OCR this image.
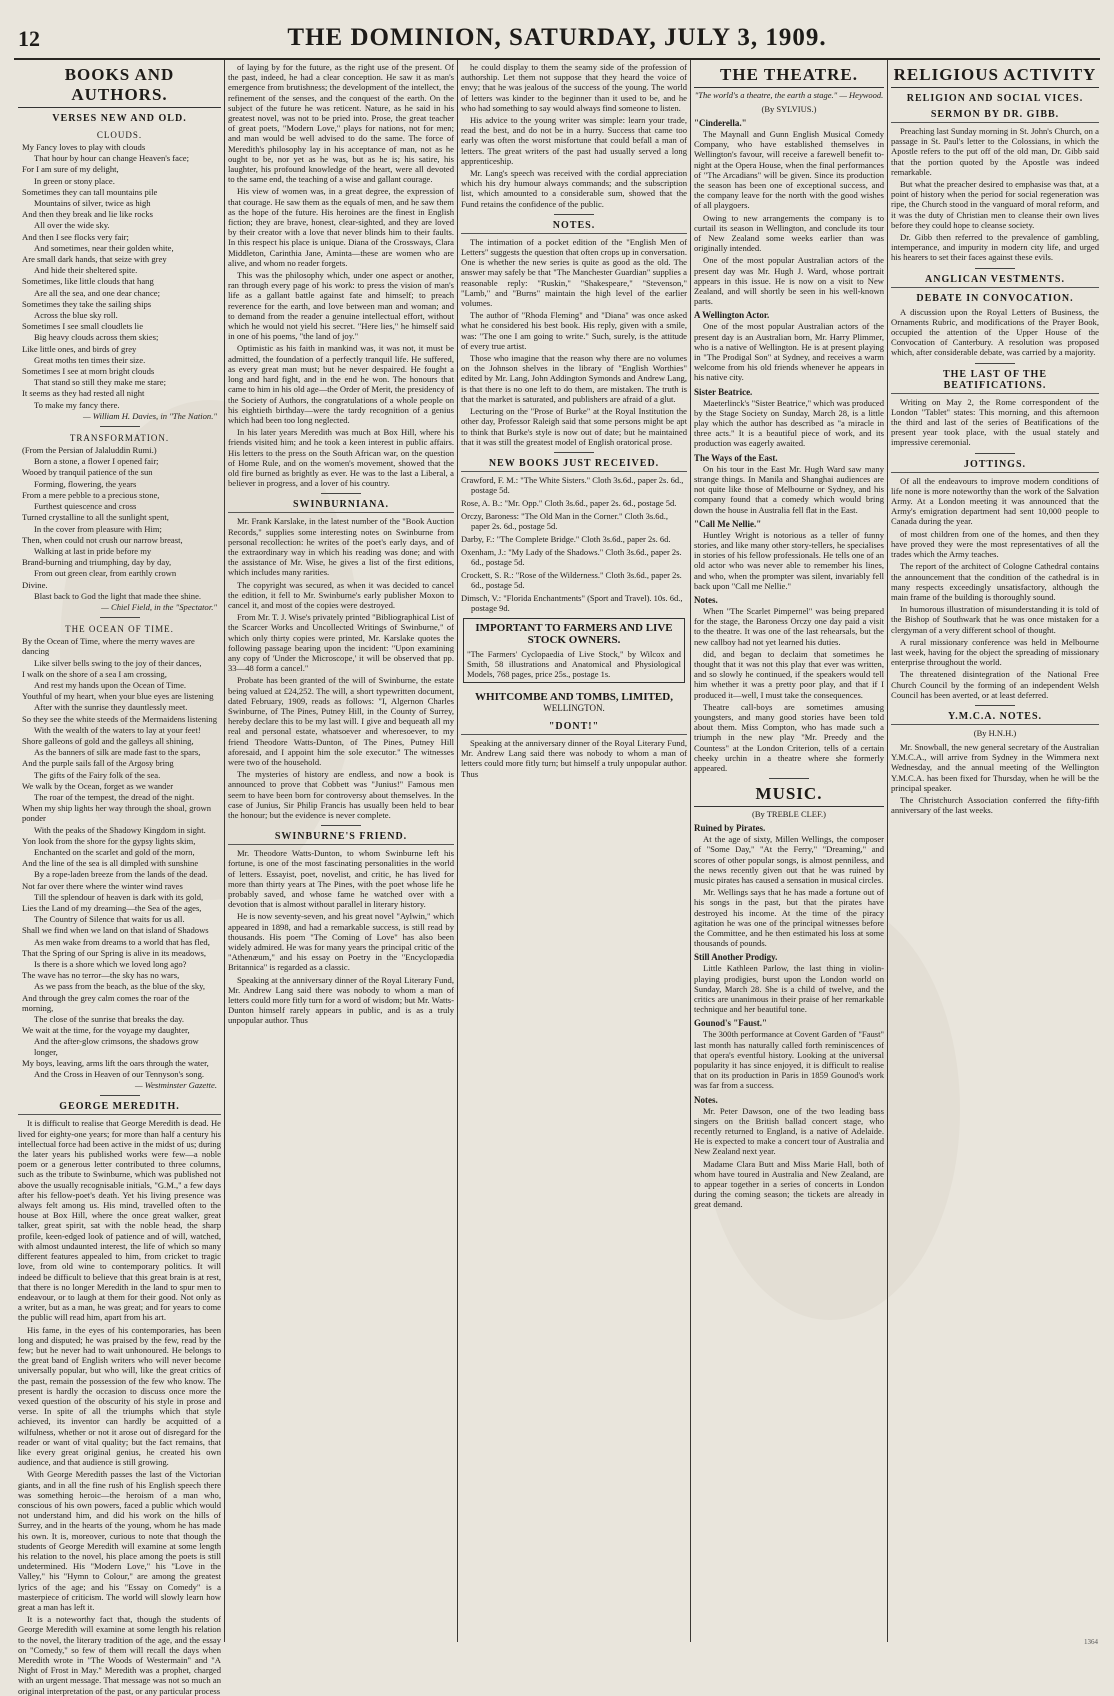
12	THE DOMINION, SATURDAY, JULY 3, 1909.
BOOKS AND AUTHORS.
VERSES NEW AND OLD.
CLOUDS.
My Fancy loves to play with clouds
That hour by hour can change Heaven's face;
For I am sure of my delight,
In green or stony place.
Sometimes they can tall mountains pile
Mountains of silver, twice as high
And then they break and lie like rocks
All over the wide sky.
And then I see flocks very fair;
And sometimes, near their golden white,
Are small dark hands, that seize with grey
And hide their sheltered spite.
Sometimes, like little clouds that hang
Are all the sea, and one dear chance;
Sometimes they take the sailing ships
Across the blue sky roll.
Sometimes I see small cloudlets lie
Big heavy clouds across them skies;
Like little ones, and birds of grey
Great moths ten times their size.
Sometimes I see at morn bright clouds
That stand so still they make me stare;
It seems as they had rested all night
To make my fancy there.
— William H. Davies, in "The Nation."
TRANSFORMATION.
(From the Persian of Jalaluddin Rumi.)
Born a stone, a flower I opened fair;
Wooed by tranquil patience of the sun
Forming, flowering, the years
From a mere pebble to a precious stone,
Furthest quiescence and cross
Turned crystalline to all the sunlight spent,
In the cover from pleasure with Him;
Then, when could not crush our narrow breast,
Walking at last in pride before my
Brand-burning and triumphing, day by day,
From out green clear, from earthly crown
Divine.
Blast back to God the light that made thee shine.
— Chiel Field, in the "Spectator."
THE OCEAN OF TIME.
By the Ocean of Time, where the merry waves are dancing
Like silver bells swing to the joy of their dances,
I walk on the shore of a sea I am crossing,
And rest my hands upon the Ocean of Time.
Youthful of my heart, when your blue eyes are listening
After with the sunrise they dauntlessly meet.
So they see the white steeds of the Mermaidens listening
With the wealth of the waters to lay at your feet!
Shore galleons of gold and the galleys all shining,
As the banners of silk are made fast to the spars,
And the purple sails fall of the Argosy bring
The gifts of the Fairy folk of the sea.
We walk by the Ocean, forget as we wander
The roar of the tempest, the dread of the night.
When my ship lights her way through the shoal, grown ponder
With the peaks of the Shadowy Kingdom in sight.
Yon look from the shore for the gypsy lights skim,
Enchanted on the scarlet and gold of the morn,
And the line of the sea is all dimpled with sunshine
By a rope-laden breeze from the lands of the dead.
Not far over there where the winter wind raves
Till the splendour of heaven is dark with its gold,
Lies the Land of my dreaming—the Sea of the ages,
The Country of Silence that waits for us all.
Shall we find when we land on that island of Shadows
As men wake from dreams to a world that has fled,
That the Spring of our Spring is alive in its meadows,
Is there is a shore which we loved long ago?
The wave has no terror—the sky has no wars,
As we pass from the beach, as the blue of the sky,
And through the grey calm comes the roar of the morning,
The close of the sunrise that breaks the day.
We wait at the time, for the voyage my daughter,
And the after-glow crimsons, the shadows grow longer,
My boys, leaving, arms lift the oars through the water,
And the Cross in Heaven of our Tennyson's song.
— Westminster Gazette.
GEORGE MEREDITH.

It is difficult to realise that George Meredith is dead. He lived for eighty-one years; for more than half a century his intellectual force had been active in the midst of us; during the later years his published works were few—a noble poem or a generous letter contributed to three columns, such as the tribute to Swinburne, which was published not above the usually recognisable initials, "G.M.," a few days after his fellow-poet's death. Yet his living presence was always felt among us. His mind, travelled often to the house at Box Hill, where the once great walker, great talker, great spirit, sat with the noble head, the sharp profile, keen-edged look of patience and of will, watched, with almost undaunted interest, the life of which so many different features appealed to him, from cricket to tragic love, from old wine to contemporary politics. It will indeed be difficult to believe that this great brain is at rest, that there is no longer Meredith in the land to spur men to endeavour, or to laugh at them for their good. Not only as a writer, but as a man, he was great; and for years to come the public will read him, apart from his art.

His fame, in the eyes of his contemporaries, has been long and disputed; he was praised by the few, read by the few; but he never had to wait unhonoured. He belongs to the great band of English writers who will never become universally popular, but who will, like the great critics of the past, remain the possession of the few who know. The present is hardly the occasion to discuss once more the vexed question of the obscurity of his style in prose and verse. In spite of all the triumphs which that style achieved, its inventor can hardly be acquitted of a wilfulness, whether or not it arose out of disregard for the reader or want of vital quality; but the fact remains, that like every great original genius, he created his own audience, and that audience is still growing.

With George Meredith passes the last of the Victorian giants, and in all the fine rush of his English speech there was something heroic—the heroism of a man who, conscious of his own powers, faced a public which would not understand him, and did his work on the hills of Surrey, and in the hearts of the young, whom he has made his own. It is, moreover, curious to note that though the students of George Meredith will examine at some length his relation to the novel, his place among the poets is still undetermined. His "Modern Love," his "Love in the Valley," his "Hymn to Colour," are among the greatest lyrics of the age; and his "Essay on Comedy" is a masterpiece of criticism. The world will slowly learn how great a man has left it.

It is a noteworthy fact that, though the students of George Meredith will examine at some length his relation to the novel, the literary tradition of the age, and the essay on "Comedy," so few of them will recall the days when Meredith wrote in "The Woods of Westermain" and "A Night of Frost in May." Meredith was a prophet, charged with an urgent message. That message was not so much an original interpretation of the past, or any particular process

of laying by for the future, as the right use of the present. Of the past, indeed, he had a clear conception. He saw it as man's emergence from brutishness; the development of the intellect, the refinement of the senses, and the conquest of the earth. On the subject of the future he was reticent. Nature, as he said in his greatest novel, was not to be pried into. Prose, the great teacher of great poets, "Modern Love," plays for nations, not for men; and man would be well advised to do the same. The force of Meredith's philosophy lay in his acceptance of man, not as he ought to be, nor yet as he was, but as he is; his satire, his laughter, his profound knowledge of the heart, were all devoted to the same end, the teaching of a wise and gallant courage.

His view of women was, in a great degree, the expression of that courage. He saw them as the equals of men, and he saw them as the hope of the future. His heroines are the finest in English fiction; they are brave, honest, clear-sighted, and they are loved by their creator with a love that never blinds him to their faults. In this respect his place is unique. Diana of the Crossways, Clara Middleton, Carinthia Jane, Aminta—these are women who are alive, and whom no reader forgets.

This was the philosophy which, under one aspect or another, ran through every page of his work: to press the vision of man's life as a gallant battle against fate and himself; to preach reverence for the earth, and love between man and woman; and to demand from the reader a genuine intellectual effort, without which he would not yield his secret. "Here lies," he himself said in one of his poems, "the land of joy."

Optimistic as his faith in mankind was, it was not, it must be admitted, the foundation of a perfectly tranquil life. He suffered, as every great man must; but he never despaired. He fought a long and hard fight, and in the end he won. The honours that came to him in his old age—the Order of Merit, the presidency of the Society of Authors, the congratulations of a whole people on his eightieth birthday—were the tardy recognition of a genius which had been too long neglected.

In his later years Meredith was much at Box Hill, where his friends visited him; and he took a keen interest in public affairs. His letters to the press on the South African war, on the question of Home Rule, and on the women's movement, showed that the old fire burned as brightly as ever. He was to the last a Liberal, a believer in progress, and a lover of his country.

SWINBURNIANA.

Mr. Frank Karslake, in the latest number of the "Book Auction Records," supplies some interesting notes on Swinburne from personal recollection: he writes of the poet's early days, and of the extraordinary way in which his reading was done; and with the assistance of Mr. Wise, he gives a list of the first editions, which includes many rarities.

The copyright was secured, as when it was decided to cancel the edition, it fell to Mr. Swinburne's early publisher Moxon to cancel it, and most of the copies were destroyed.

From Mr. T. J. Wise's privately printed "Bibliographical List of the Scarcer Works and Uncollected Writings of Swinburne," of which only thirty copies were printed, Mr. Karslake quotes the following passage bearing upon the incident: "Upon examining any copy of 'Under the Microscope,' it will be observed that pp. 33—48 form a cancel."

Probate has been granted of the will of Swinburne, the estate being valued at £24,252. The will, a short typewritten document, dated February, 1909, reads as follows: "I, Algernon Charles Swinburne, of The Pines, Putney Hill, in the County of Surrey, hereby declare this to be my last will. I give and bequeath all my real and personal estate, whatsoever and wheresoever, to my friend Theodore Watts-Dunton, of The Pines, Putney Hill aforesaid, and I appoint him the sole executor." The witnesses were two of the household.

The mysteries of history are endless, and now a book is announced to prove that Cobbett was "Junius!" Famous men seem to have been born for controversy about themselves. In the case of Junius, Sir Philip Francis has usually been held to bear the honour; but the evidence is never complete.

SWINBURNE'S FRIEND.

Mr. Theodore Watts-Dunton, to whom Swinburne left his fortune, is one of the most fascinating personalities in the world of letters. Essayist, poet, novelist, and critic, he has lived for more than thirty years at The Pines, with the poet whose life he probably saved, and whose fame he watched over with a devotion that is almost without parallel in literary history.

He is now seventy-seven, and his great novel "Aylwin," which appeared in 1898, and had a remarkable success, is still read by thousands. His poem "The Coming of Love" has also been widely admired. He was for many years the principal critic of the "Athenæum," and his essay on Poetry in the "Encyclopædia Britannica" is regarded as a classic.

Speaking at the anniversary dinner of the Royal Literary Fund, Mr. Andrew Lang said there was nobody to whom a man of letters could more fitly turn for a word of wisdom; but Mr. Watts-Dunton himself rarely appears in public, and is as a truly unpopular author. Thus

he could display to them the seamy side of the profession of authorship. Let them not suppose that they heard the voice of envy; that he was jealous of the success of the young. The world of letters was kinder to the beginner than it used to be, and he who had something to say would always find someone to listen.

His advice to the young writer was simple: learn your trade, read the best, and do not be in a hurry. Success that came too early was often the worst misfortune that could befall a man of letters. The great writers of the past had usually served a long apprenticeship.

Mr. Lang's speech was received with the cordial appreciation which his dry humour always commands; and the subscription list, which amounted to a considerable sum, showed that the Fund retains the confidence of the public.

NOTES.

The intimation of a pocket edition of the "English Men of Letters" suggests the question that often crops up in conversation. One is whether the new series is quite as good as the old. The answer may safely be that "The Manchester Guardian" supplies a reasonable reply: "Ruskin," "Shakespeare," "Stevenson," "Lamb," and "Burns" maintain the high level of the earlier volumes.

The author of "Rhoda Fleming" and "Diana" was once asked what he considered his best book. His reply, given with a smile, was: "The one I am going to write." Such, surely, is the attitude of every true artist.

Those who imagine that the reason why there are no volumes on the Johnson shelves in the library of "English Worthies" edited by Mr. Lang, John Addington Symonds and Andrew Lang, is that there is no one left to do them, are mistaken. The truth is that the market is saturated, and publishers are afraid of a glut.

Lecturing on the "Prose of Burke" at the Royal Institution the other day, Professor Raleigh said that some persons might be apt to think that Burke's style is now out of date; but he maintained that it was still the greatest model of English oratorical prose.

NEW BOOKS JUST RECEIVED.
Crawford, F. M.: "The White Sisters." Cloth 3s.6d., paper 2s. 6d., postage 5d.
Rose, A. B.: "Mr. Opp." Cloth 3s.6d., paper 2s. 6d., postage 5d.
Orczy, Baroness: "The Old Man in the Corner." Cloth 3s.6d., paper 2s. 6d., postage 5d.
Darby, F.: "The Complete Bridge." Cloth 3s.6d., paper 2s. 6d.
Oxenham, J.: "My Lady of the Shadows." Cloth 3s.6d., paper 2s. 6d., postage 5d.
Crockett, S. R.: "Rose of the Wilderness." Cloth 3s.6d., paper 2s. 6d., postage 5d.
Dimsch, V.: "Florida Enchantments" (Sport and Travel). 10s. 6d., postage 9d.
IMPORTANT TO FARMERS AND LIVE STOCK OWNERS.
"The Farmers' Cyclopaedia of Live Stock," by Wilcox and Smith, 58 illustrations and Anatomical and Physiological Models, 768 pages, price 25s., postage 1s.
WHITCOMBE AND TOMBS, LIMITED,
WELLINGTON.
"DONT!"

Speaking at the anniversary dinner of the Royal Literary Fund, Mr. Andrew Lang said there was nobody to whom a man of letters could more fitly turn; but himself a truly unpopular author. Thus

THE THEATRE.
"The world's a theatre, the earth a stage." — Heywood.
(By SYLVIUS.)
"Cinderella."

The Maynall and Gunn English Musical Comedy Company, who have established themselves in Wellington's favour, will receive a farewell benefit to-night at the Opera House, when the final performances of "The Arcadians" will be given. Since its production the season has been one of exceptional success, and the company leave for the north with the good wishes of all playgoers.

Owing to new arrangements the company is to curtail its season in Wellington, and conclude its tour of New Zealand some weeks earlier than was originally intended.

One of the most popular Australian actors of the present day was Mr. Hugh J. Ward, whose portrait appears in this issue. He is now on a visit to New Zealand, and will shortly be seen in his well-known parts.

A Wellington Actor.

One of the most popular Australian actors of the present day is an Australian born, Mr. Harry Plimmer, who is a native of Wellington. He is at present playing in "The Prodigal Son" at Sydney, and receives a warm welcome from his old friends whenever he appears in his native city.

Sister Beatrice.

Maeterlinck's "Sister Beatrice," which was produced by the Stage Society on Sunday, March 28, is a little play which the author has described as "a miracle in three acts." It is a beautiful piece of work, and its production was eagerly awaited.

The Ways of the East.

On his tour in the East Mr. Hugh Ward saw many strange things. In Manila and Shanghai audiences are not quite like those of Melbourne or Sydney, and his company found that a comedy which would bring down the house in Australia fell flat in the East.

"Call Me Nellie."

Huntley Wright is notorious as a teller of funny stories, and like many other story-tellers, he specialises in stories of his fellow professionals. He tells one of an old actor who was never able to remember his lines, and who, when the prompter was silent, invariably fell back upon "Call me Nellie."

Notes.

When "The Scarlet Pimpernel" was being prepared for the stage, the Baroness Orczy one day paid a visit to the theatre. It was one of the last rehearsals, but the new callboy had not yet learned his duties.

did, and began to declaim that sometimes he thought that it was not this play that ever was written, and so slowly he continued, if the speakers would tell him whether it was a pretty poor play, and that if I produced it—well, I must take the consequences.

Theatre call-boys are sometimes amusing youngsters, and many good stories have been told about them. Miss Compton, who has made such a triumph in the new play "Mr. Preedy and the Countess" at the London Criterion, tells of a certain cheeky urchin in a theatre where she formerly appeared.

MUSIC.
(By TREBLE CLEF.)
Ruined by Pirates.

At the age of sixty, Millen Wellings, the composer of "Some Day," "At the Ferry," "Dreaming," and scores of other popular songs, is almost penniless, and the news recently given out that he was ruined by music pirates has caused a sensation in musical circles.

Mr. Wellings says that he has made a fortune out of his songs in the past, but that the pirates have destroyed his income. At the time of the piracy agitation he was one of the principal witnesses before the Committee, and he then estimated his loss at some thousands of pounds.

Still Another Prodigy.

Little Kathleen Parlow, the last thing in violin-playing prodigies, burst upon the London world on Sunday, March 28. She is a child of twelve, and the critics are unanimous in their praise of her remarkable technique and her beautiful tone.

Gounod's "Faust."

The 300th performance at Covent Garden of "Faust" last month has naturally called forth reminiscences of that opera's eventful history. Looking at the universal popularity it has since enjoyed, it is difficult to realise that on its production in Paris in 1859 Gounod's work was far from a success.

Notes.

Mr. Peter Dawson, one of the two leading bass singers on the British ballad concert stage, who recently returned to England, is a native of Adelaide. He is expected to make a concert tour of Australia and New Zealand next year.

Madame Clara Butt and Miss Marie Hall, both of whom have toured in Australia and New Zealand, are to appear together in a series of concerts in London during the coming season; the tickets are already in great demand.

RELIGIOUS ACTIVITY
RELIGION AND SOCIAL VICES.
SERMON BY DR. GIBB.

Preaching last Sunday morning in St. John's Church, on a passage in St. Paul's letter to the Colossians, in which the Apostle refers to the put off of the old man, Dr. Gibb said that the portion quoted by the Apostle was indeed remarkable.

But what the preacher desired to emphasise was that, at a point of history when the period for social regeneration was ripe, the Church stood in the vanguard of moral reform, and it was the duty of Christian men to cleanse their own lives before they could hope to cleanse society.

Dr. Gibb then referred to the prevalence of gambling, intemperance, and impurity in modern city life, and urged his hearers to set their faces against these evils.

ANGLICAN VESTMENTS.
DEBATE IN CONVOCATION.

A discussion upon the Royal Letters of Business, the Ornaments Rubric, and modifications of the Prayer Book, occupied the attention of the Upper House of the Convocation of Canterbury. A resolution was proposed which, after considerable debate, was carried by a majority.

THE LAST OF THE BEATIFICATIONS.

Writing on May 2, the Rome correspondent of the London "Tablet" states: This morning, and this afternoon the third and last of the series of Beatifications of the present year took place, with the usual stately and impressive ceremonial.

JOTTINGS.

Of all the endeavours to improve modern conditions of life none is more noteworthy than the work of the Salvation Army. At a London meeting it was announced that the Army's emigration department had sent 10,000 people to Canada during the year.

of most children from one of the homes, and then they have proved they were the most representatives of all the trades which the Army teaches.

The report of the architect of Cologne Cathedral contains the announcement that the condition of the cathedral is in many respects exceedingly unsatisfactory, although the main frame of the building is thoroughly sound.

In humorous illustration of misunderstanding it is told of the Bishop of Southwark that he was once mistaken for a clergyman of a very different school of thought.

A rural missionary conference was held in Melbourne last week, having for the object the spreading of missionary enterprise throughout the world.

The threatened disintegration of the National Free Church Council by the forming of an independent Welsh Council has been averted, or at least deferred.

Y.M.C.A. NOTES.
(By H.N.H.)

Mr. Snowball, the new general secretary of the Australian Y.M.C.A., will arrive from Sydney in the Wimmera next Wednesday, and the annual meeting of the Wellington Y.M.C.A. has been fixed for Thursday, when he will be the principal speaker.

The Christchurch Association conferred the fifty-fifth anniversary of the last weeks.

1364
